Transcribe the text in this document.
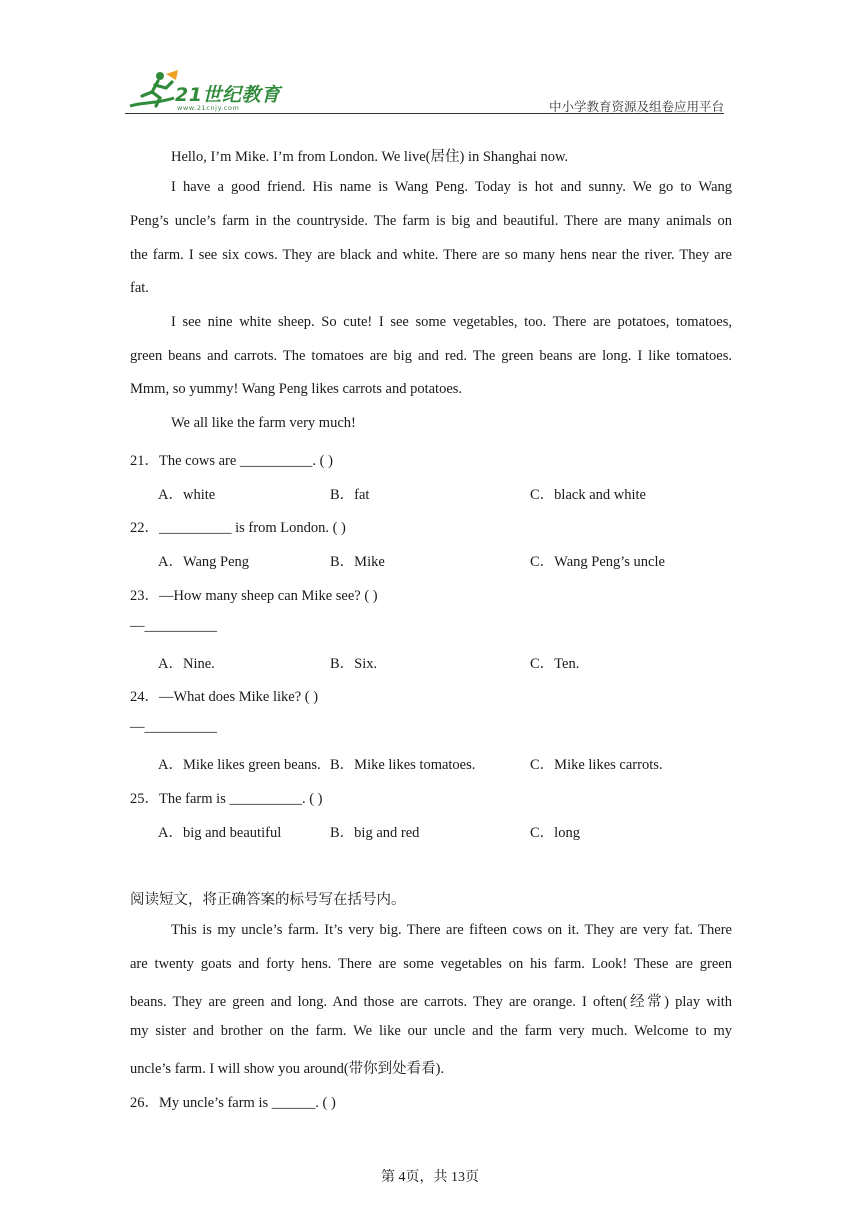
21世纪教育
www.21cnjy.com	中小学教育资源及组卷应用平台
Hello, I’m Mike. I’m from London. We live(居住) in Shanghai now.
I have a good friend. His name is Wang Peng. Today is hot and sunny. We go to Wang
Peng’s uncle’s farm in the countryside. The farm is big and beautiful. There are many animals on
the farm. I see six cows. They are black and white. There are so many hens near the river. They are
fat.
I see nine white sheep. So cute! I see some vegetables, too. There are potatoes, tomatoes,
green beans and carrots. The tomatoes are big and red. The green beans are long. I like tomatoes.
Mmm, so yummy! Wang Peng likes carrots and potatoes.
We all like the farm very much!
21．The cows are __________. ( )
A．white	B．fat	C．black and white
22．__________ is from London. ( )
A．Wang Peng	B．Mike	C．Wang Peng’s uncle
23．—How many sheep can Mike see? ( )
—__________
A．Nine.	B．Six.	C．Ten.
24．—What does Mike like? ( )
—__________
A．Mike likes green beans. B．Mike likes tomatoes.	C．Mike likes carrots.
25．The farm is __________. ( )
A．big and beautiful	B．big and red	C．long
阅读短文，将正确答案的标号写在括号内。
This is my uncle’s farm. It’s very big. There are fifteen cows on it. They are very fat. There
are twenty goats and forty hens. There are some vegetables on his farm. Look! These are green
beans. They are green and long. And those are carrots. They are orange. I often(经常) play with
my sister and brother on the farm. We like our uncle and the farm very much. Welcome to my
uncle’s farm. I will show you around(带你到处看看).
26．My uncle’s farm is ______. ( )
第 4页，共 13页
